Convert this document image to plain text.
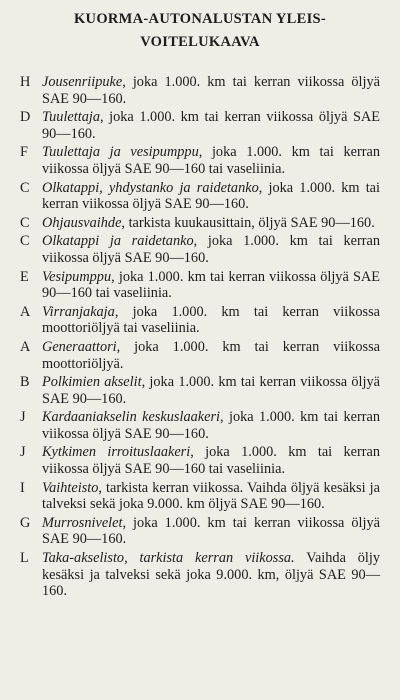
KUORMA-AUTONALUSTAN YLEIS-
VOITELUKAAVA
H Jousenriipuke, joka 1.000. km tai kerran viikossa öljyä SAE 90—160.
D Tuulettaja, joka 1.000. km tai kerran viikossa öljyä SAE 90—160.
F Tuulettaja ja vesipumppu, joka 1.000. km tai kerran viikossa öljyä SAE 90—160 tai vaseliinia.
C Olkatappi, yhdystanko ja raidetanko, joka 1.000. km tai kerran viikossa öljyä SAE 90—160.
C Ohjausvaihde, tarkista kuukausittain, öljyä SAE 90—160.
C Olkatappi ja raidetanko, joka 1.000. km tai kerran viikossa öljyä SAE 90—160.
E Vesipumppu, joka 1.000. km tai kerran viikossa öljyä SAE 90—160 tai vaseliinia.
A Virranjakaja, joka 1.000. km tai kerran viikossa moottoriöljyä tai vaseliinia.
A Generaattori, joka 1.000. km tai kerran viikossa moottoriöljyä.
B Polkimien akselit, joka 1.000. km tai kerran viikossa öljyä SAE 90—160.
J	Kardaaniakselin keskuslaakeri, joka 1.000. km tai kerran viikossa öljyä SAE 90—160.
J	Kytkimen irroituslaakeri, joka 1.000. km tai kerran viikossa öljyä SAE 90—160 tai vaseliinia.
I	Vaihteisto, tarkista kerran viikossa. Vaihda öljyä kesäksi ja talveksi sekä joka 9.000. km öljyä SAE 90—160.
G Murrosnivelet, joka 1.000. km tai kerran viikossa öljyä SAE 90—160.
L Taka-akselisto, tarkista kerran viikossa. Vaihda öljy kesäksi ja talveksi sekä joka 9.000. km, öljyä SAE 90—160.
